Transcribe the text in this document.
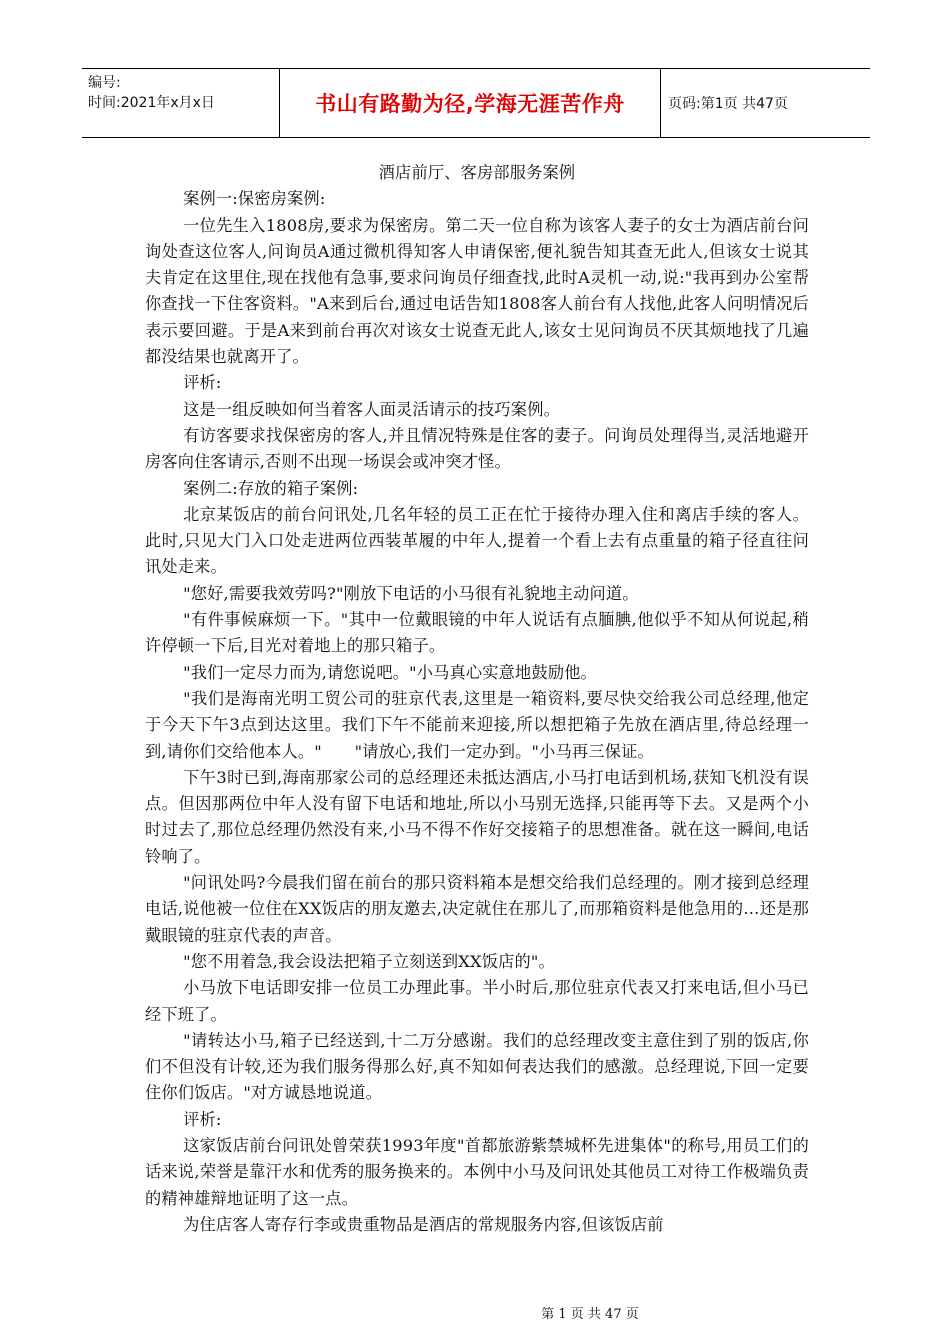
编号:
时间:2021年x月x日	书山有路勤为径,学海无涯苦作舟	页码:第1页 共47页

酒店前厅、客房部服务案例

案例一:保密房案例:

一位先生入1808房,要求为保密房。第二天一位自称为该客人妻子的女士为酒店前台问询处查这位客人,问询员A通过微机得知客人申请保密,便礼貌告知其查无此人,但该女士说其夫肯定在这里住,现在找他有急事,要求问询员仔细查找,此时A灵机一动,说:"我再到办公室帮你查找一下住客资料。"A来到后台,通过电话告知1808客人前台有人找他,此客人问明情况后表示要回避。于是A来到前台再次对该女士说查无此人,该女士见问询员不厌其烦地找了几遍都没结果也就离开了。

评析:

这是一组反映如何当着客人面灵活请示的技巧案例。

有访客要求找保密房的客人,并且情况特殊是住客的妻子。问询员处理得当,灵活地避开房客向住客请示,否则不出现一场误会或冲突才怪。

案例二:存放的箱子案例:

北京某饭店的前台问讯处,几名年轻的员工正在忙于接待办理入住和离店手续的客人。此时,只见大门入口处走进两位西装革履的中年人,提着一个看上去有点重量的箱子径直往问讯处走来。

"您好,需要我效劳吗?"刚放下电话的小马很有礼貌地主动问道。

"有件事候麻烦一下。"其中一位戴眼镜的中年人说话有点腼腆,他似乎不知从何说起,稍许停顿一下后,目光对着地上的那只箱子。

"我们一定尽力而为,请您说吧。"小马真心实意地鼓励他。

"我们是海南光明工贸公司的驻京代表,这里是一箱资料,要尽快交给我公司总经理,他定于今天下午3点到达这里。我们下午不能前来迎接,所以想把箱子先放在酒店里,待总经理一到,请你们交给他本人。"　　"请放心,我们一定办到。"小马再三保证。

下午3时已到,海南那家公司的总经理还未抵达酒店,小马打电话到机场,获知飞机没有误点。但因那两位中年人没有留下电话和地址,所以小马别无选择,只能再等下去。又是两个小时过去了,那位总经理仍然没有来,小马不得不作好交接箱子的思想准备。就在这一瞬间,电话铃响了。

"问讯处吗?今晨我们留在前台的那只资料箱本是想交给我们总经理的。刚才接到总经理电话,说他被一位住在XX饭店的朋友邀去,决定就住在那儿了,而那箱资料是他急用的…还是那戴眼镜的驻京代表的声音。

"您不用着急,我会设法把箱子立刻送到XX饭店的"。

小马放下电话即安排一位员工办理此事。半小时后,那位驻京代表又打来电话,但小马已经下班了。

"请转达小马,箱子已经送到,十二万分感谢。我们的总经理改变主意住到了别的饭店,你们不但没有计较,还为我们服务得那么好,真不知如何表达我们的感激。总经理说,下回一定要住你们饭店。"对方诚恳地说道。

评析:

这家饭店前台问讯处曾荣获1993年度"首都旅游紫禁城杯先进集体"的称号,用员工们的话来说,荣誉是靠汗水和优秀的服务换来的。本例中小马及问讯处其他员工对待工作极端负责的精神雄辩地证明了这一点。

为住店客人寄存行李或贵重物品是酒店的常规服务内容,但该饭店前

第 1 页 共 47 页
